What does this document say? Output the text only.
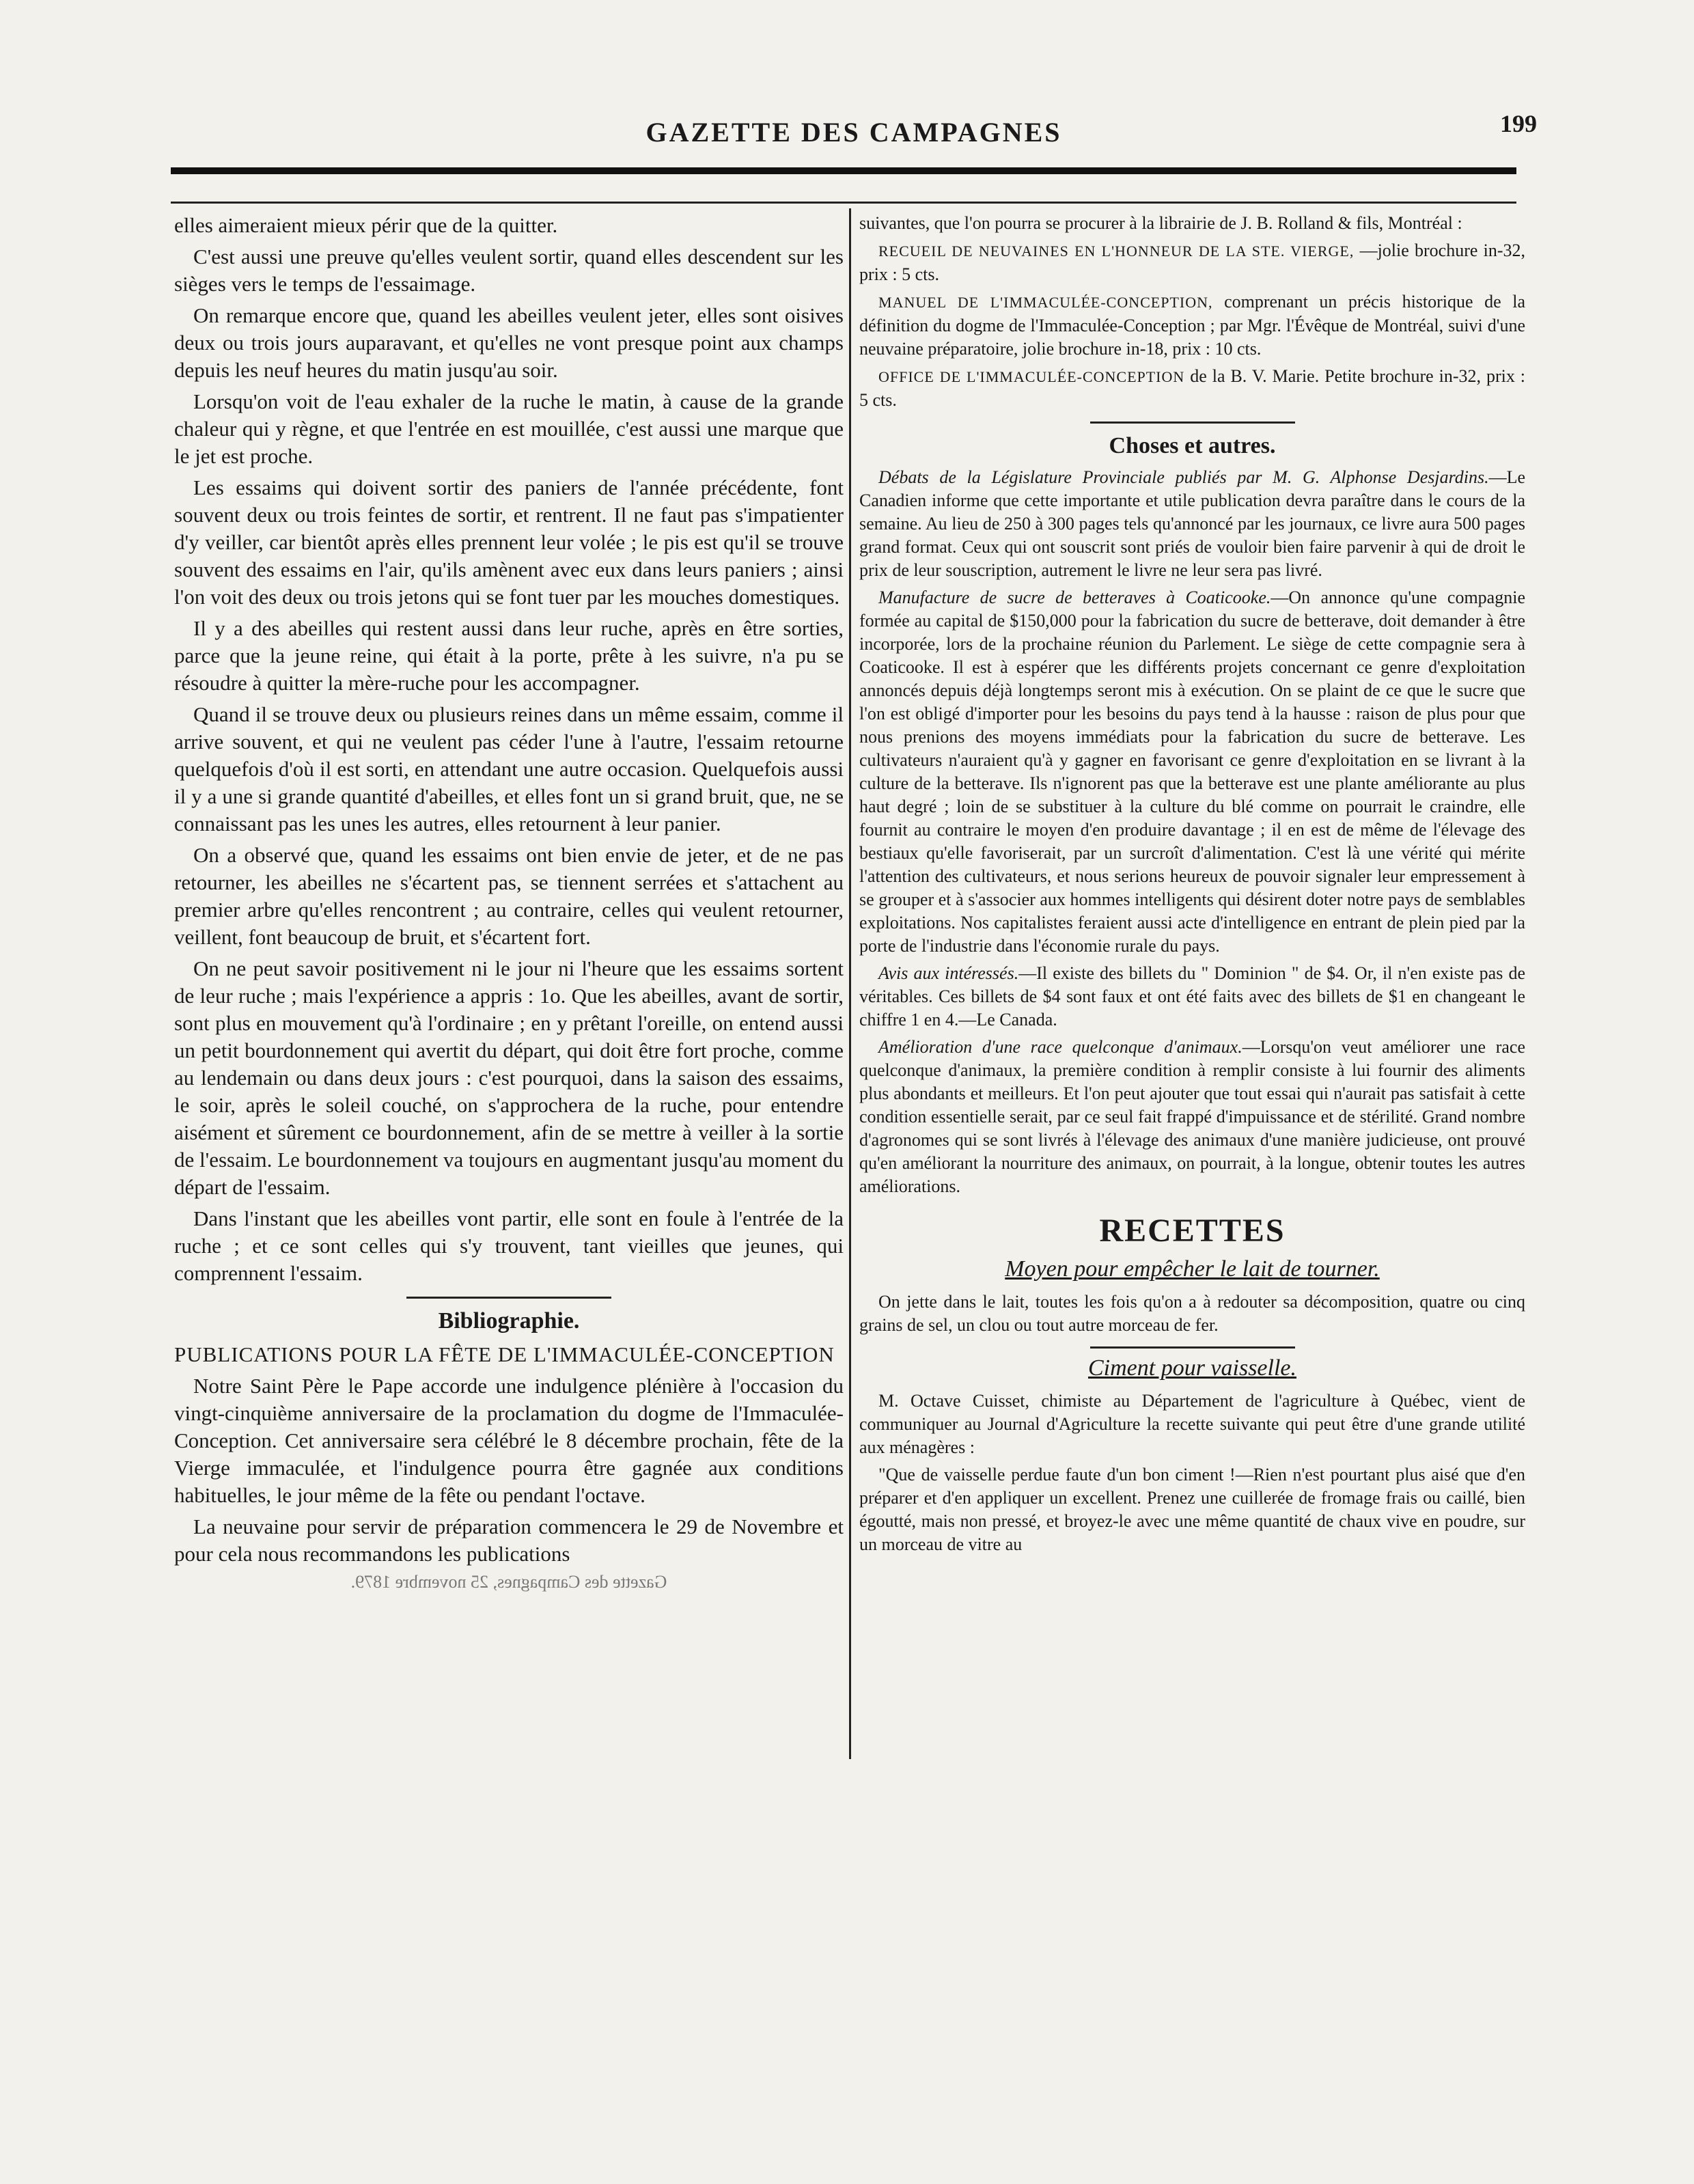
GAZETTE DES CAMPAGNES	199

elles aimeraient mieux périr que de la quitter.

C'est aussi une preuve qu'elles veulent sortir, quand elles descendent sur les sièges vers le temps de l'essaimage.

On remarque encore que, quand les abeilles veulent jeter, elles sont oisives deux ou trois jours auparavant, et qu'elles ne vont presque point aux champs depuis les neuf heures du matin jusqu'au soir.

Lorsqu'on voit de l'eau exhaler de la ruche le matin, à cause de la grande chaleur qui y règne, et que l'entrée en est mouillée, c'est aussi une marque que le jet est proche.

Les essaims qui doivent sortir des paniers de l'année précédente, font souvent deux ou trois feintes de sortir, et rentrent. Il ne faut pas s'impatienter d'y veiller, car bientôt après elles prennent leur volée ; le pis est qu'il se trouve souvent des essaims en l'air, qu'ils amènent avec eux dans leurs paniers ; ainsi l'on voit des deux ou trois jetons qui se font tuer par les mouches domestiques.

Il y a des abeilles qui restent aussi dans leur ruche, après en être sorties, parce que la jeune reine, qui était à la porte, prête à les suivre, n'a pu se résoudre à quitter la mère-ruche pour les accompagner.

Quand il se trouve deux ou plusieurs reines dans un même essaim, comme il arrive souvent, et qui ne veulent pas céder l'une à l'autre, l'essaim retourne quelquefois d'où il est sorti, en attendant une autre occasion. Quelquefois aussi il y a une si grande quantité d'abeilles, et elles font un si grand bruit, que, ne se connaissant pas les unes les autres, elles retournent à leur panier.

On a observé que, quand les essaims ont bien envie de jeter, et de ne pas retourner, les abeilles ne s'écartent pas, se tiennent serrées et s'attachent au premier arbre qu'elles rencontrent ; au contraire, celles qui veulent retourner, veillent, font beaucoup de bruit, et s'écartent fort.

On ne peut savoir positivement ni le jour ni l'heure que les essaims sortent de leur ruche ; mais l'expérience a appris : 1o. Que les abeilles, avant de sortir, sont plus en mouvement qu'à l'ordinaire ; en y prêtant l'oreille, on entend aussi un petit bourdonnement qui avertit du départ, qui doit être fort proche, comme au lendemain ou dans deux jours : c'est pourquoi, dans la saison des essaims, le soir, après le soleil couché, on s'approchera de la ruche, pour entendre aisément et sûrement ce bourdonnement, afin de se mettre à veiller à la sortie de l'essaim. Le bourdonnement va toujours en augmentant jusqu'au moment du départ de l'essaim.

Dans l'instant que les abeilles vont partir, elle sont en foule à l'entrée de la ruche ; et ce sont celles qui s'y trouvent, tant vieilles que jeunes, qui comprennent l'essaim.

Bibliographie.

PUBLICATIONS POUR LA FÊTE DE L'IMMACULÉE-CONCEPTION

Notre Saint Père le Pape accorde une indulgence plénière à l'occasion du vingt-cinquième anniversaire de la proclamation du dogme de l'Immaculée-Conception. Cet anniversaire sera célébré le 8 décembre prochain, fête de la Vierge immaculée, et l'indulgence pourra être gagnée aux conditions habituelles, le jour même de la fête ou pendant l'octave.

La neuvaine pour servir de préparation commencera le 29 de Novembre et pour cela nous recommandons les publications

Gazette des Campagnes, 25 novembre 1879.

suivantes, que l'on pourra se procurer à la librairie de J. B. Rolland & fils, Montréal :

RECUEIL DE NEUVAINES EN L'HONNEUR DE LA STE. VIERGE, —jolie brochure in-32, prix : 5 cts.

MANUEL DE L'IMMACULÉE-CONCEPTION, comprenant un précis historique de la définition du dogme de l'Immaculée-Conception ; par Mgr. l'Évêque de Montréal, suivi d'une neuvaine préparatoire, jolie brochure in-18, prix : 10 cts.

OFFICE DE L'IMMACULÉE-CONCEPTION de la B. V. Marie. Petite brochure in-32, prix : 5 cts.

Choses et autres.

Débats de la Législature Provinciale publiés par M. G. Alphonse Desjardins.—Le Canadien informe que cette importante et utile publication devra paraître dans le cours de la semaine. Au lieu de 250 à 300 pages tels qu'annoncé par les journaux, ce livre aura 500 pages grand format. Ceux qui ont souscrit sont priés de vouloir bien faire parvenir à qui de droit le prix de leur souscription, autrement le livre ne leur sera pas livré.

Manufacture de sucre de betteraves à Coaticooke.—On annonce qu'une compagnie formée au capital de $150,000 pour la fabrication du sucre de betterave, doit demander à être incorporée, lors de la prochaine réunion du Parlement. Le siège de cette compagnie sera à Coaticooke. Il est à espérer que les différents projets concernant ce genre d'exploitation annoncés depuis déjà longtemps seront mis à exécution. On se plaint de ce que le sucre que l'on est obligé d'importer pour les besoins du pays tend à la hausse : raison de plus pour que nous prenions des moyens immédiats pour la fabrication du sucre de betterave. Les cultivateurs n'auraient qu'à y gagner en favorisant ce genre d'exploitation en se livrant à la culture de la betterave. Ils n'ignorent pas que la betterave est une plante améliorante au plus haut degré ; loin de se substituer à la culture du blé comme on pourrait le craindre, elle fournit au contraire le moyen d'en produire davantage ; il en est de même de l'élevage des bestiaux qu'elle favoriserait, par un surcroît d'alimentation. C'est là une vérité qui mérite l'attention des cultivateurs, et nous serions heureux de pouvoir signaler leur empressement à se grouper et à s'associer aux hommes intelligents qui désirent doter notre pays de semblables exploitations. Nos capitalistes feraient aussi acte d'intelligence en entrant de plein pied par la porte de l'industrie dans l'économie rurale du pays.

Avis aux intéressés.—Il existe des billets du " Dominion " de $4. Or, il n'en existe pas de véritables. Ces billets de $4 sont faux et ont été faits avec des billets de $1 en changeant le chiffre 1 en 4.—Le Canada.

Amélioration d'une race quelconque d'animaux.—Lorsqu'on veut améliorer une race quelconque d'animaux, la première condition à remplir consiste à lui fournir des aliments plus abondants et meilleurs. Et l'on peut ajouter que tout essai qui n'aurait pas satisfait à cette condition essentielle serait, par ce seul fait frappé d'impuissance et de stérilité. Grand nombre d'agronomes qui se sont livrés à l'élevage des animaux d'une manière judicieuse, ont prouvé qu'en améliorant la nourriture des animaux, on pourrait, à la longue, obtenir toutes les autres améliorations.

RECETTES
Moyen pour empêcher le lait de tourner.

On jette dans le lait, toutes les fois qu'on a à redouter sa décomposition, quatre ou cinq grains de sel, un clou ou tout autre morceau de fer.

Ciment pour vaisselle.

M. Octave Cuisset, chimiste au Département de l'agriculture à Québec, vient de communiquer au Journal d'Agriculture la recette suivante qui peut être d'une grande utilité aux ménagères :

"Que de vaisselle perdue faute d'un bon ciment !—Rien n'est pourtant plus aisé que d'en préparer et d'en appliquer un excellent. Prenez une cuillerée de fromage frais ou caillé, bien égoutté, mais non pressé, et broyez-le avec une même quantité de chaux vive en poudre, sur un morceau de vitre au
